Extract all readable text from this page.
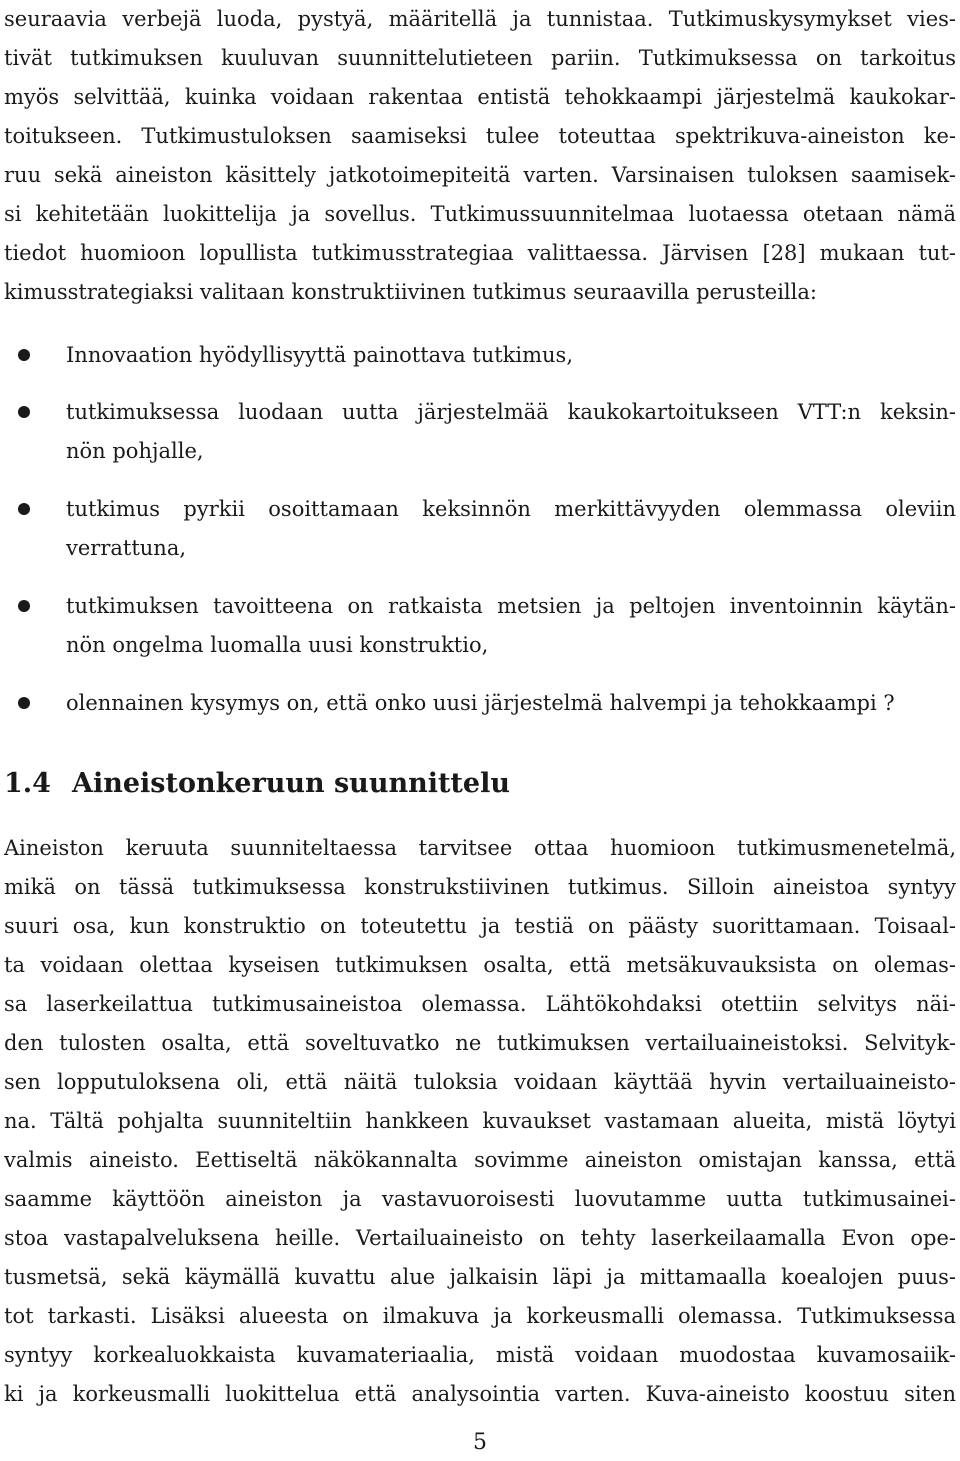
seuraavia verbejä luoda, pystyä, määritellä ja tunnistaa. Tutkimuskysymykset vies-
tivät tutkimuksen kuuluvan suunnittelutieteen pariin. Tutkimuksessa on tarkoitus
myös selvittää, kuinka voidaan rakentaa entistä tehokkaampi järjestelmä kaukokar-
toitukseen. Tutkimustuloksen saamiseksi tulee toteuttaa spektrikuva-aineiston ke-
ruu sekä aineiston käsittely jatkotoimepiteitä varten. Varsinaisen tuloksen saamisek-
si kehitetään luokittelija ja sovellus. Tutkimussuunnitelmaa luotaessa otetaan nämä
tiedot huomioon lopullista tutkimusstrategiaa valittaessa. Järvisen [28] mukaan tut-
kimusstrategiaksi valitaan konstruktiivinen tutkimus seuraavilla perusteilla:
Innovaation hyödyllisyyttä painottava tutkimus,
tutkimuksessa luodaan uutta järjestelmää kaukokartoitukseen VTT:n keksin-
nön pohjalle,
tutkimus pyrkii osoittamaan keksinnön merkittävyyden olemmassa oleviin
verrattuna,
tutkimuksen tavoitteena on ratkaista metsien ja peltojen inventoinnin käytän-
nön ongelma luomalla uusi konstruktio,
olennainen kysymys on, että onko uusi järjestelmä halvempi ja tehokkaampi ?
1.4 Aineistonkeruun suunnittelu
Aineiston keruuta suunniteltaessa tarvitsee ottaa huomioon tutkimusmenetelmä,
mikä on tässä tutkimuksessa konstrukstiivinen tutkimus. Silloin aineistoa syntyy
suuri osa, kun konstruktio on toteutettu ja testiä on päästy suorittamaan. Toisaal-
ta voidaan olettaa kyseisen tutkimuksen osalta, että metsäkuvauksista on olemas-
sa laserkeilattua tutkimusaineistoa olemassa. Lähtökohdaksi otettiin selvitys näi-
den tulosten osalta, että soveltuvatko ne tutkimuksen vertailuaineistoksi. Selvityk-
sen lopputuloksena oli, että näitä tuloksia voidaan käyttää hyvin vertailuaineisto-
na. Tältä pohjalta suunniteltiin hankkeen kuvaukset vastamaan alueita, mistä löytyi
valmis aineisto. Eettiseltä näkökannalta sovimme aineiston omistajan kanssa, että
saamme käyttöön aineiston ja vastavuoroisesti luovutamme uutta tutkimusainei-
stoa vastapalveluksena heille. Vertailuaineisto on tehty laserkeilaamalla Evon ope-
tusmetsä, sekä käymällä kuvattu alue jalkaisin läpi ja mittamaalla koealojen puus-
tot tarkasti. Lisäksi alueesta on ilmakuva ja korkeusmalli olemassa. Tutkimuksessa
syntyy korkealuokkaista kuvamateriaalia, mistä voidaan muodostaa kuvamosaiik-
ki ja korkeusmalli luokittelua että analysointia varten. Kuva-aineisto koostuu siten
5
